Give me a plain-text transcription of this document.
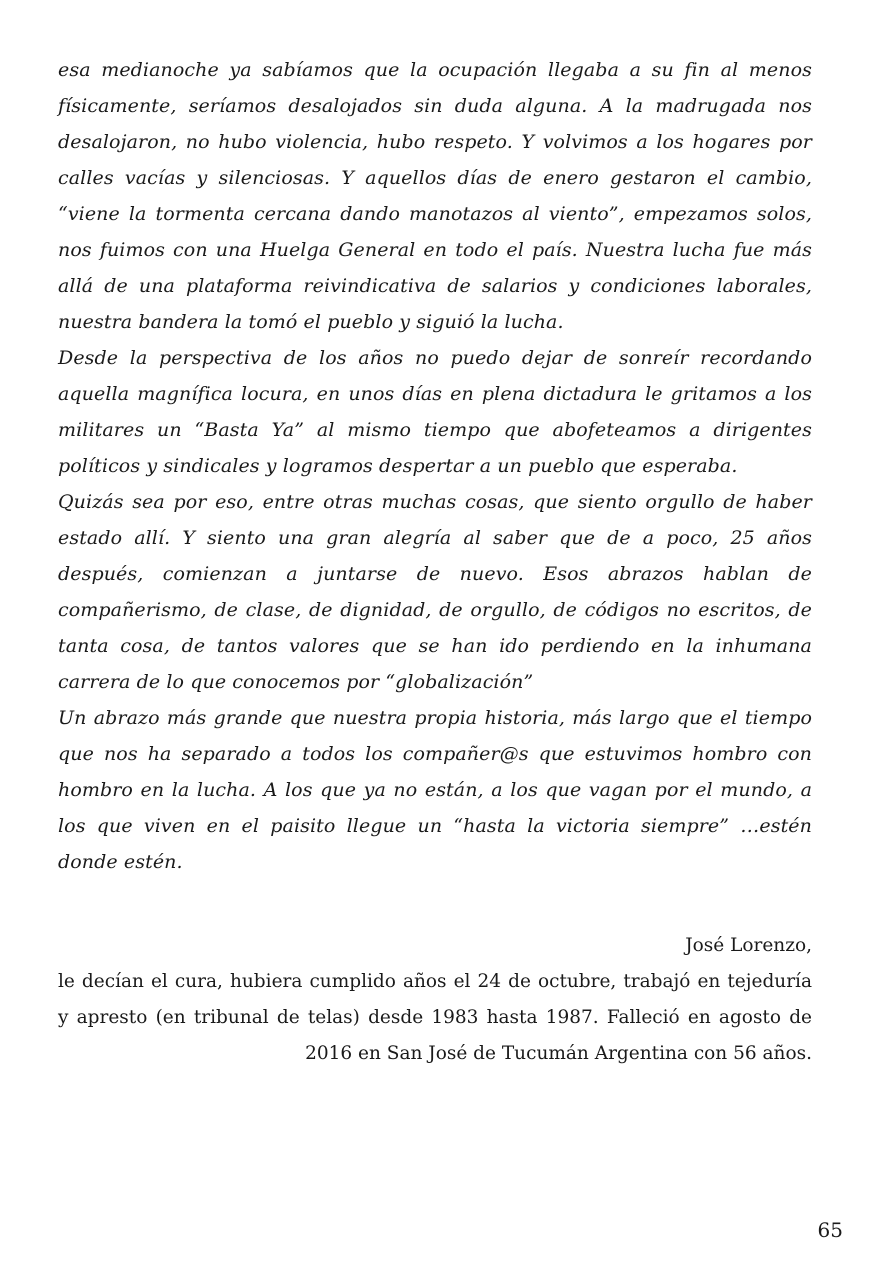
esa medianoche ya sabíamos que la ocupación llegaba a su fin al menos físicamente, seríamos desalojados sin duda alguna. A la madrugada nos desalojaron, no hubo violencia, hubo respeto. Y volvimos a los hogares por calles vacías y silenciosas. Y aquellos días de enero gestaron el cambio, “viene la tormenta cercana dando manotazos al viento”, empezamos solos, nos fuimos con una Huelga General en todo el país. Nuestra lucha fue más allá de una plataforma reivindicativa de salarios y condiciones laborales, nuestra bandera la tomó el pueblo y siguió la lucha.

Desde la perspectiva de los años no puedo dejar de sonreír recordando aquella magnífica locura, en unos días en plena dictadura le gritamos a los militares un “Basta Ya” al mismo tiempo que abofeteamos a dirigentes políticos y sindicales y logramos despertar a un pueblo que esperaba.

Quizás sea por eso, entre otras muchas cosas, que siento orgullo de haber estado allí. Y siento una gran alegría al saber que de a poco, 25 años después, comienzan a juntarse de nuevo. Esos abrazos hablan de compañerismo, de clase, de dignidad, de orgullo, de códigos no escritos, de tanta cosa, de tantos valores que se han ido perdiendo en la inhumana carrera de lo que conocemos por “globalización”

Un abrazo más grande que nuestra propia historia, más largo que el tiempo que nos ha separado a todos los compañer@s que estuvimos hombro con hombro en la lucha. A los que ya no están, a los que vagan por el mundo, a los que viven en el paisito llegue un “hasta la victoria siempre” …estén donde estén.

José Lorenzo,

le decían el cura, hubiera cumplido años el 24 de octubre, trabajó en tejeduría y apresto (en tribunal de telas) desde 1983 hasta 1987. Falleció en agosto de 2016 en San José de Tucumán Argentina con 56 años.

65
